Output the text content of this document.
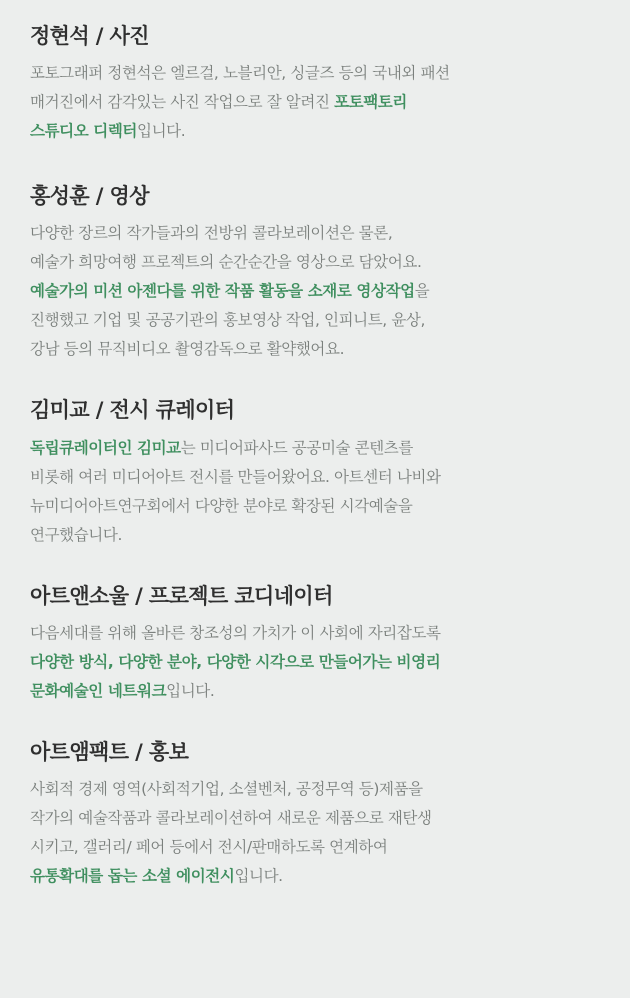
정현석 / 사진

포토그래퍼 정현석은 엘르걸, 노블리안, 싱글즈 등의 국내외 패션
매거진에서 감각있는 사진 작업으로 잘 알려진 포토팩토리
스튜디오 디렉터입니다.

홍성훈 / 영상

다양한 장르의 작가들과의 전방위 콜라보레이션은 물론,
예술가 희망여행 프로젝트의 순간순간을 영상으로 담았어요.
예술가의 미션 아젠다를 위한 작품 활동을 소재로 영상작업을
진행했고 기업 및 공공기관의 홍보영상 작업, 인피니트, 윤상,
강남 등의 뮤직비디오 촬영감독으로 활약했어요.

김미교 / 전시 큐레이터

독립큐레이터인 김미교는 미디어파사드 공공미술 콘텐츠를
비롯해 여러 미디어아트 전시를 만들어왔어요. 아트센터 나비와
뉴미디어아트연구회에서 다양한 분야로 확장된 시각예술을
연구했습니다.

아트앤소울 / 프로젝트 코디네이터

다음세대를 위해 올바른 창조성의 가치가 이 사회에 자리잡도록
다양한 방식, 다양한 분야, 다양한 시각으로 만들어가는 비영리
문화예술인 네트워크입니다.

아트앰팩트 / 홍보

사회적 경제 영역(사회적기업, 소셜벤처, 공정무역 등)제품을
작가의 예술작품과 콜라보레이션하여 새로운 제품으로 재탄생
시키고, 갤러리/ 페어 등에서 전시/판매하도록 연계하여
유통확대를 돕는 소셜 에이전시입니다.
